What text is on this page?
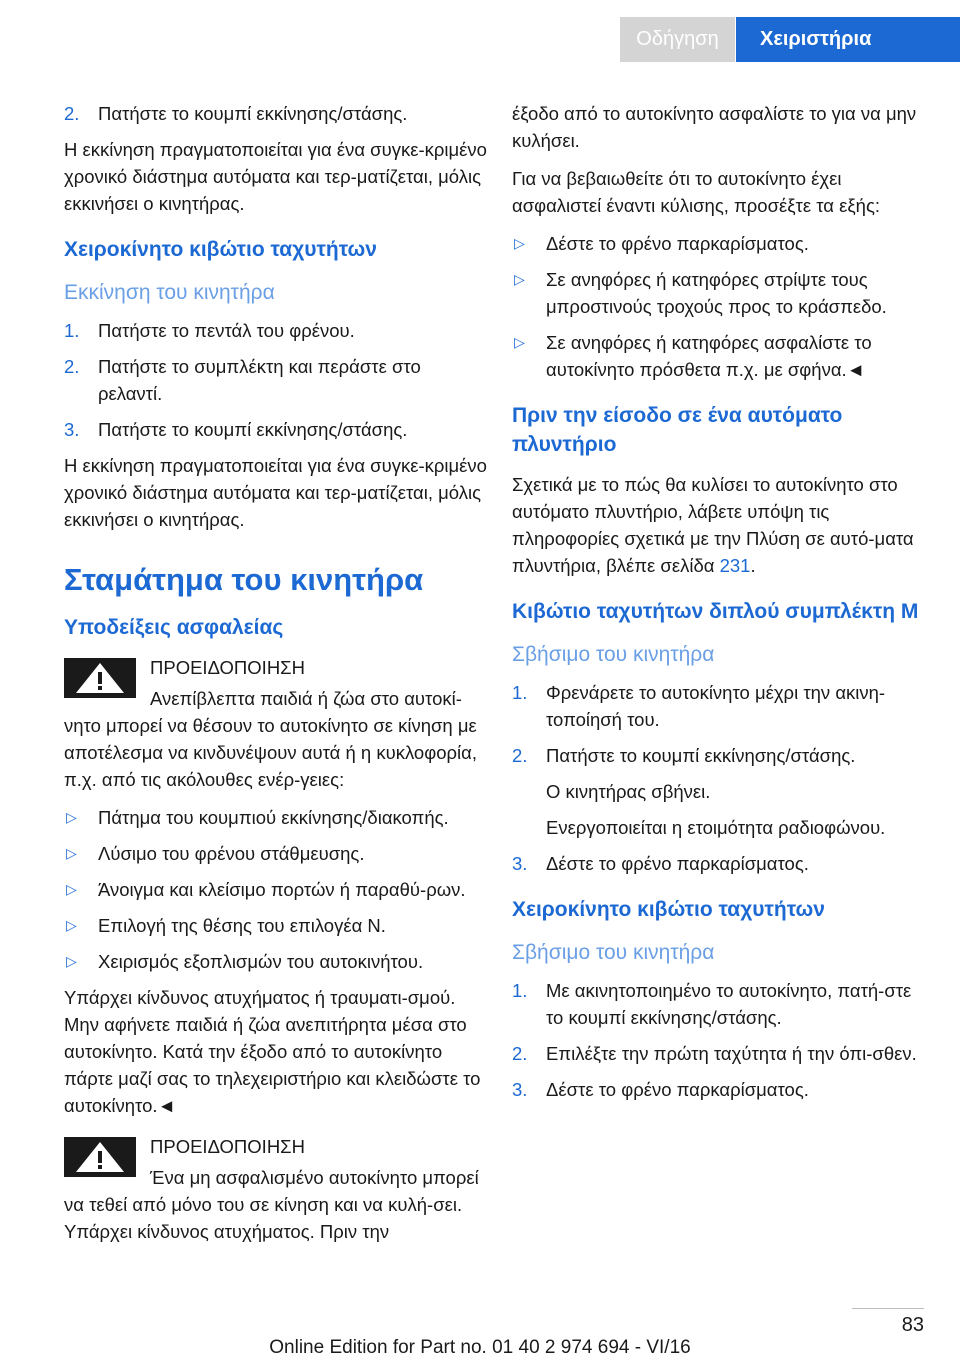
Οδήγηση	Χειριστήρια
2. Πατήστε το κουμπί εκκίνησης/στάσης.

Η εκκίνηση πραγματοποιείται για ένα συγκε-κριμένο χρονικό διάστημα αυτόματα και τερ-ματίζεται, μόλις εκκινήσει ο κινητήρας.

Χειροκίνητο κιβώτιο ταχυτήτων
Εκκίνηση του κινητήρα
1. Πατήστε το πεντάλ του φρένου.
2. Πατήστε το συμπλέκτη και περάστε στο ρελαντί.
3. Πατήστε το κουμπί εκκίνησης/στάσης.

Η εκκίνηση πραγματοποιείται για ένα συγκε-κριμένο χρονικό διάστημα αυτόματα και τερ-ματίζεται, μόλις εκκινήσει ο κινητήρας.

Σταμάτημα του κινητήρα
Υποδείξεις ασφαλείας
ΠΡΟΕΙΔΟΠΟΙΗΣΗ
Ανεπίβλεπτα παιδιά ή ζώα στο αυτοκί-
νητο μπορεί να θέσουν το αυτοκίνητο σε κίνηση με αποτέλεσμα να κινδυνέψουν αυτά ή η κυκλοφορία, π.χ. από τις ακόλουθες ενέρ-γειες:
▷ Πάτημα του κουμπιού εκκίνησης/διακοπής.
▷ Λύσιμο του φρένου στάθμευσης.
▷ Άνοιγμα και κλείσιμο πορτών ή παραθύ-ρων.
▷ Επιλογή της θέσης του επιλογέα N.
▷ Χειρισμός εξοπλισμών του αυτοκινήτου.

Υπάρχει κίνδυνος ατυχήματος ή τραυματι-σμού. Μην αφήνετε παιδιά ή ζώα ανεπιτήρητα μέσα στο αυτοκίνητο. Κατά την έξοδο από το αυτοκίνητο πάρτε μαζί σας το τηλεχειριστήριο και κλειδώστε το αυτοκίνητο.◄

ΠΡΟΕΙΔΟΠΟΙΗΣΗ
Ένα μη ασφαλισμένο αυτοκίνητο μπορεί
να τεθεί από μόνο του σε κίνηση και να κυλή-σει. Υπάρχει κίνδυνος ατυχήματος. Πριν την

έξοδο από το αυτοκίνητο ασφαλίστε το για να μην κυλήσει.

Για να βεβαιωθείτε ότι το αυτοκίνητο έχει ασφαλιστεί έναντι κύλισης, προσέξτε τα εξής:

▷ Δέστε το φρένο παρκαρίσματος.
▷ Σε ανηφόρες ή κατηφόρες στρίψτε τους μπροστινούς τροχούς προς το κράσπεδο.
▷ Σε ανηφόρες ή κατηφόρες ασφαλίστε το αυτοκίνητο πρόσθετα π.χ. με σφήνα.◄
Πριν την είσοδο σε ένα αυτόματο πλυντήριο

Σχετικά με το πώς θα κυλίσει το αυτοκίνητο στο αυτόματο πλυντήριο, λάβετε υπόψη τις πληροφορίες σχετικά με την Πλύση σε αυτό-ματα πλυντήρια, βλέπε σελίδα 231.

Κιβώτιο ταχυτήτων διπλού συμπλέκτη M
Σβήσιμο του κινητήρα
1. Φρενάρετε το αυτοκίνητο μέχρι την ακινη-τοποίησή του.
2. Πατήστε το κουμπί εκκίνησης/στάσης.
Ο κινητήρας σβήνει.
Ενεργοποιείται η ετοιμότητα ραδιοφώνου.
3. Δέστε το φρένο παρκαρίσματος.
Χειροκίνητο κιβώτιο ταχυτήτων
Σβήσιμο του κινητήρα
1. Με ακινητοποιημένο το αυτοκίνητο, πατή-στε το κουμπί εκκίνησης/στάσης.
2. Επιλέξτε την πρώτη ταχύτητα ή την όπι-σθεν.
3. Δέστε το φρένο παρκαρίσματος.
83
Online Edition for Part no. 01 40 2 974 694 - VI/16
